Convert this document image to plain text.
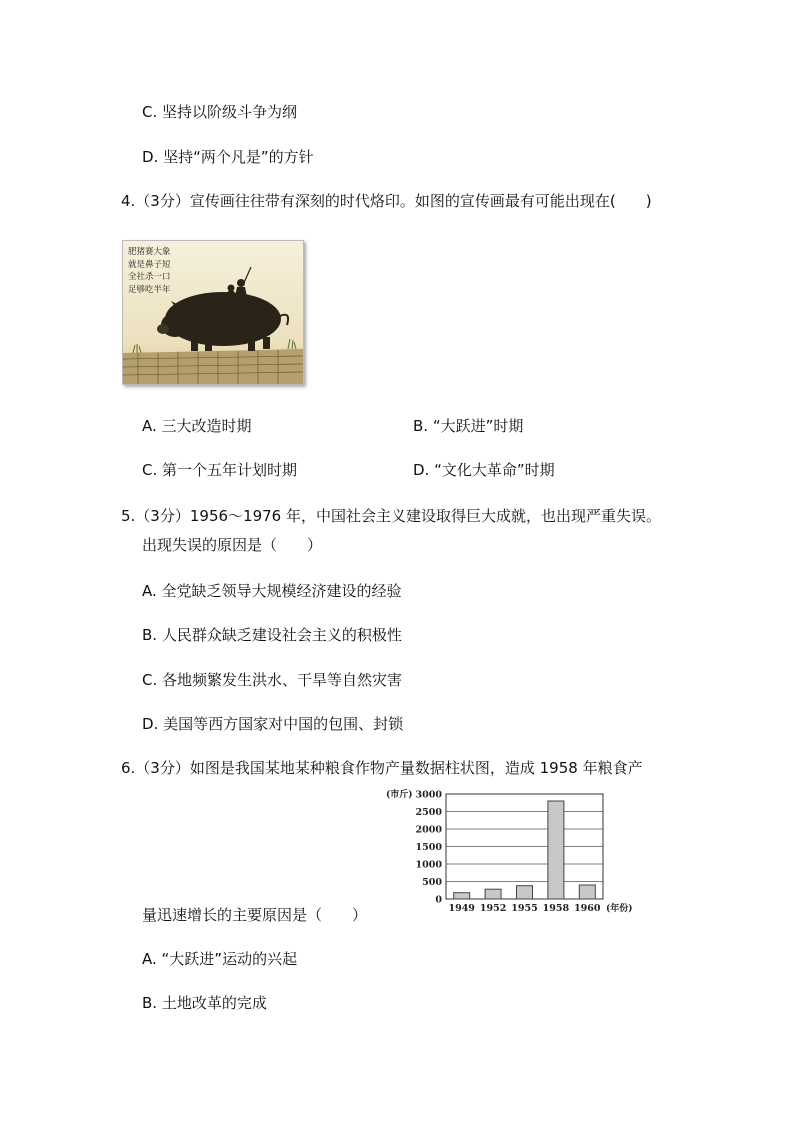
C. 坚持以阶级斗争为纲
D. 坚持“两个凡是”的方针
4.（3分）宣传画往往带有深刻的时代烙印。如图的宣传画最有可能出现在(　　)
肥猪赛大象
就是鼻子短
全社杀一口
足够吃半年
A. 三大改造时期	B. “大跃进”时期
C. 第一个五年计划时期	D. “文化大革命”时期
5.（3分）1956～1976 年，中国社会主义建设取得巨大成就，也出现严重失误。
出现失误的原因是（　　）
A. 全党缺乏领导大规模经济建设的经验
B. 人民群众缺乏建设社会主义的积极性
C. 各地频繁发生洪水、干旱等自然灾害
D. 美国等西方国家对中国的包围、封锁
6.（3分）如图是我国某地某种粮食作物产量数据柱状图，造成 1958 年粮食产
0
500
1000
1500
2000
2500
3000
(市斤)
1949 1952 1955 1958 1960 (年份)
量迅速增长的主要原因是（　　）
A. “大跃进”运动的兴起
B. 土地改革的完成
